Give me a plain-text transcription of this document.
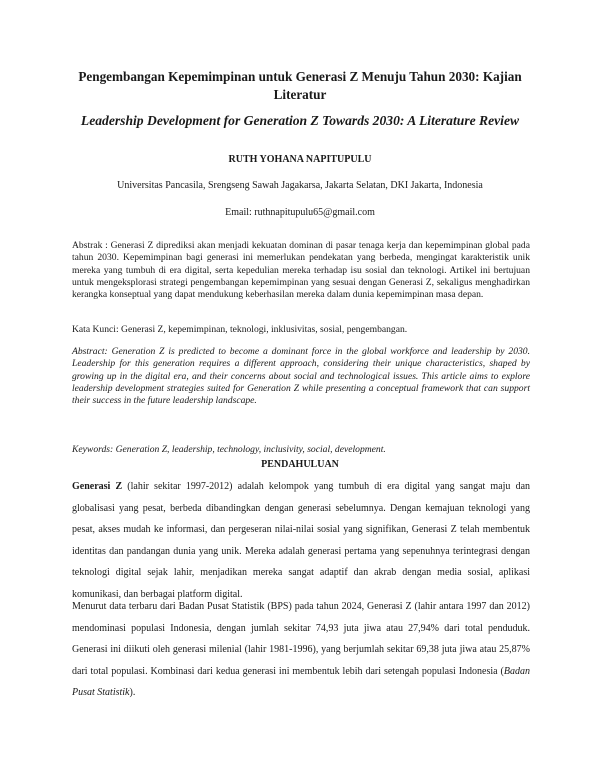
Pengembangan Kepemimpinan untuk Generasi Z Menuju Tahun 2030: Kajian Literatur
Leadership Development for Generation Z Towards 2030: A Literature Review
RUTH YOHANA NAPITUPULU
Universitas Pancasila, Srengseng Sawah Jagakarsa, Jakarta Selatan, DKI Jakarta, Indonesia
Email: ruthnapitupulu65@gmail.com
Abstrak : Generasi Z diprediksi akan menjadi kekuatan dominan di pasar tenaga kerja dan kepemimpinan global pada tahun 2030. Kepemimpinan bagi generasi ini memerlukan pendekatan yang berbeda, mengingat karakteristik unik mereka yang tumbuh di era digital, serta kepedulian mereka terhadap isu sosial dan teknologi. Artikel ini bertujuan untuk mengeksplorasi strategi pengembangan kepemimpinan yang sesuai dengan Generasi Z, sekaligus menghadirkan kerangka konseptual yang dapat mendukung keberhasilan mereka dalam dunia kepemimpinan masa depan.
Kata Kunci: Generasi Z, kepemimpinan, teknologi, inklusivitas, sosial, pengembangan.
Abstract: Generation Z is predicted to become a dominant force in the global workforce and leadership by 2030. Leadership for this generation requires a different approach, considering their unique characteristics, shaped by growing up in the digital era, and their concerns about social and technological issues. This article aims to explore leadership development strategies suited for Generation Z while presenting a conceptual framework that can support their success in the future leadership landscape.
Keywords: Generation Z, leadership, technology, inclusivity, social, development.
PENDAHULUAN
Generasi Z (lahir sekitar 1997-2012) adalah kelompok yang tumbuh di era digital yang sangat maju dan globalisasi yang pesat, berbeda dibandingkan dengan generasi sebelumnya. Dengan kemajuan teknologi yang pesat, akses mudah ke informasi, dan pergeseran nilai-nilai sosial yang signifikan, Generasi Z telah membentuk identitas dan pandangan dunia yang unik. Mereka adalah generasi pertama yang sepenuhnya terintegrasi dengan teknologi digital sejak lahir, menjadikan mereka sangat adaptif dan akrab dengan media sosial, aplikasi komunikasi, dan berbagai platform digital.
Menurut data terbaru dari Badan Pusat Statistik (BPS) pada tahun 2024, Generasi Z (lahir antara 1997 dan 2012) mendominasi populasi Indonesia, dengan jumlah sekitar 74,93 juta jiwa atau 27,94% dari total penduduk. Generasi ini diikuti oleh generasi milenial (lahir 1981-1996), yang berjumlah sekitar 69,38 juta jiwa atau 25,87% dari total populasi. Kombinasi dari kedua generasi ini membentuk lebih dari setengah populasi Indonesia (Badan Pusat Statistik).
